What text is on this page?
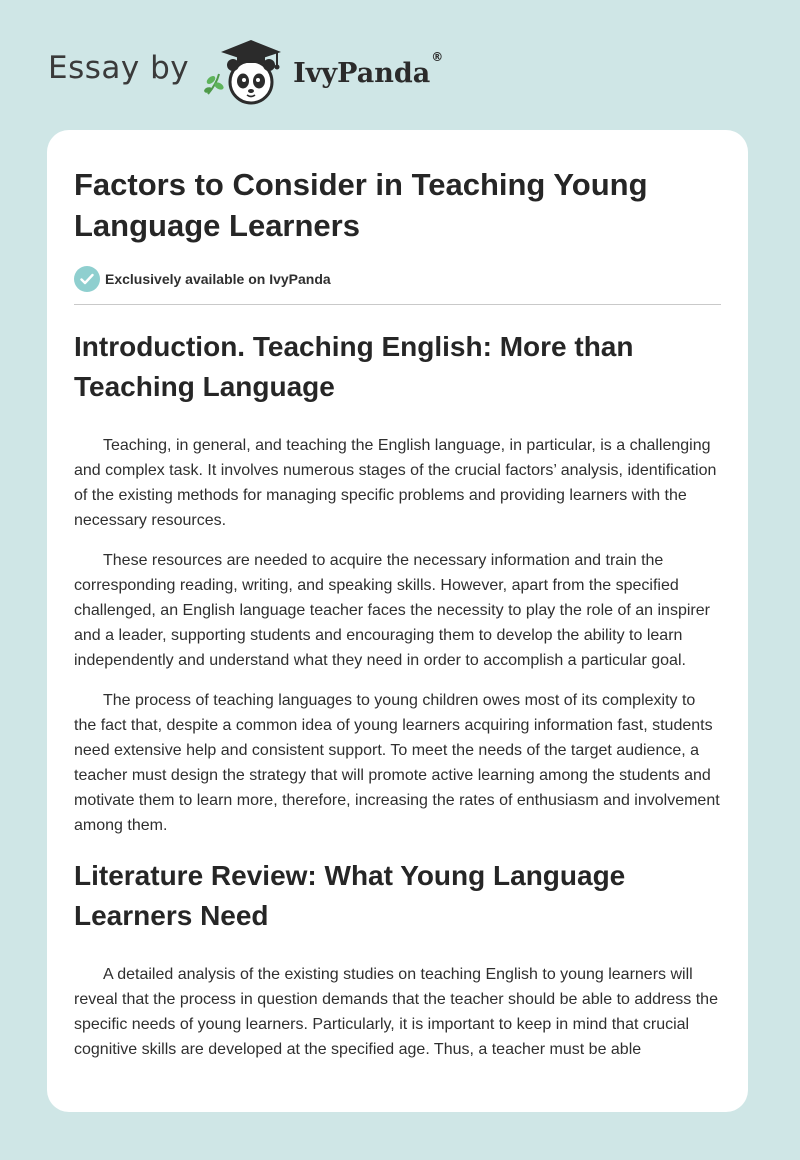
Essay by	IvyPanda®
Factors to Consider in Teaching Young Language Learners
Exclusively available on IvyPanda
Introduction. Teaching English: More than Teaching Language

Teaching, in general, and teaching the English language, in particular, is a challenging and complex task. It involves numerous stages of the crucial factors’ analysis, identification of the existing methods for managing specific problems and providing learners with the necessary resources.

These resources are needed to acquire the necessary information and train the corresponding reading, writing, and speaking skills. However, apart from the specified challenged, an English language teacher faces the necessity to play the role of an inspirer and a leader, supporting students and encouraging them to develop the ability to learn independently and understand what they need in order to accomplish a particular goal.

The process of teaching languages to young children owes most of its complexity to the fact that, despite a common idea of young learners acquiring information fast, students need extensive help and consistent support. To meet the needs of the target audience, a teacher must design the strategy that will promote active learning among the students and motivate them to learn more, therefore, increasing the rates of enthusiasm and involvement among them.

Literature Review: What Young Language Learners Need

A detailed analysis of the existing studies on teaching English to young learners will reveal that the process in question demands that the teacher should be able to address the specific needs of young learners. Particularly, it is important to keep in mind that crucial cognitive skills are developed at the specified age. Thus, a teacher must be able
